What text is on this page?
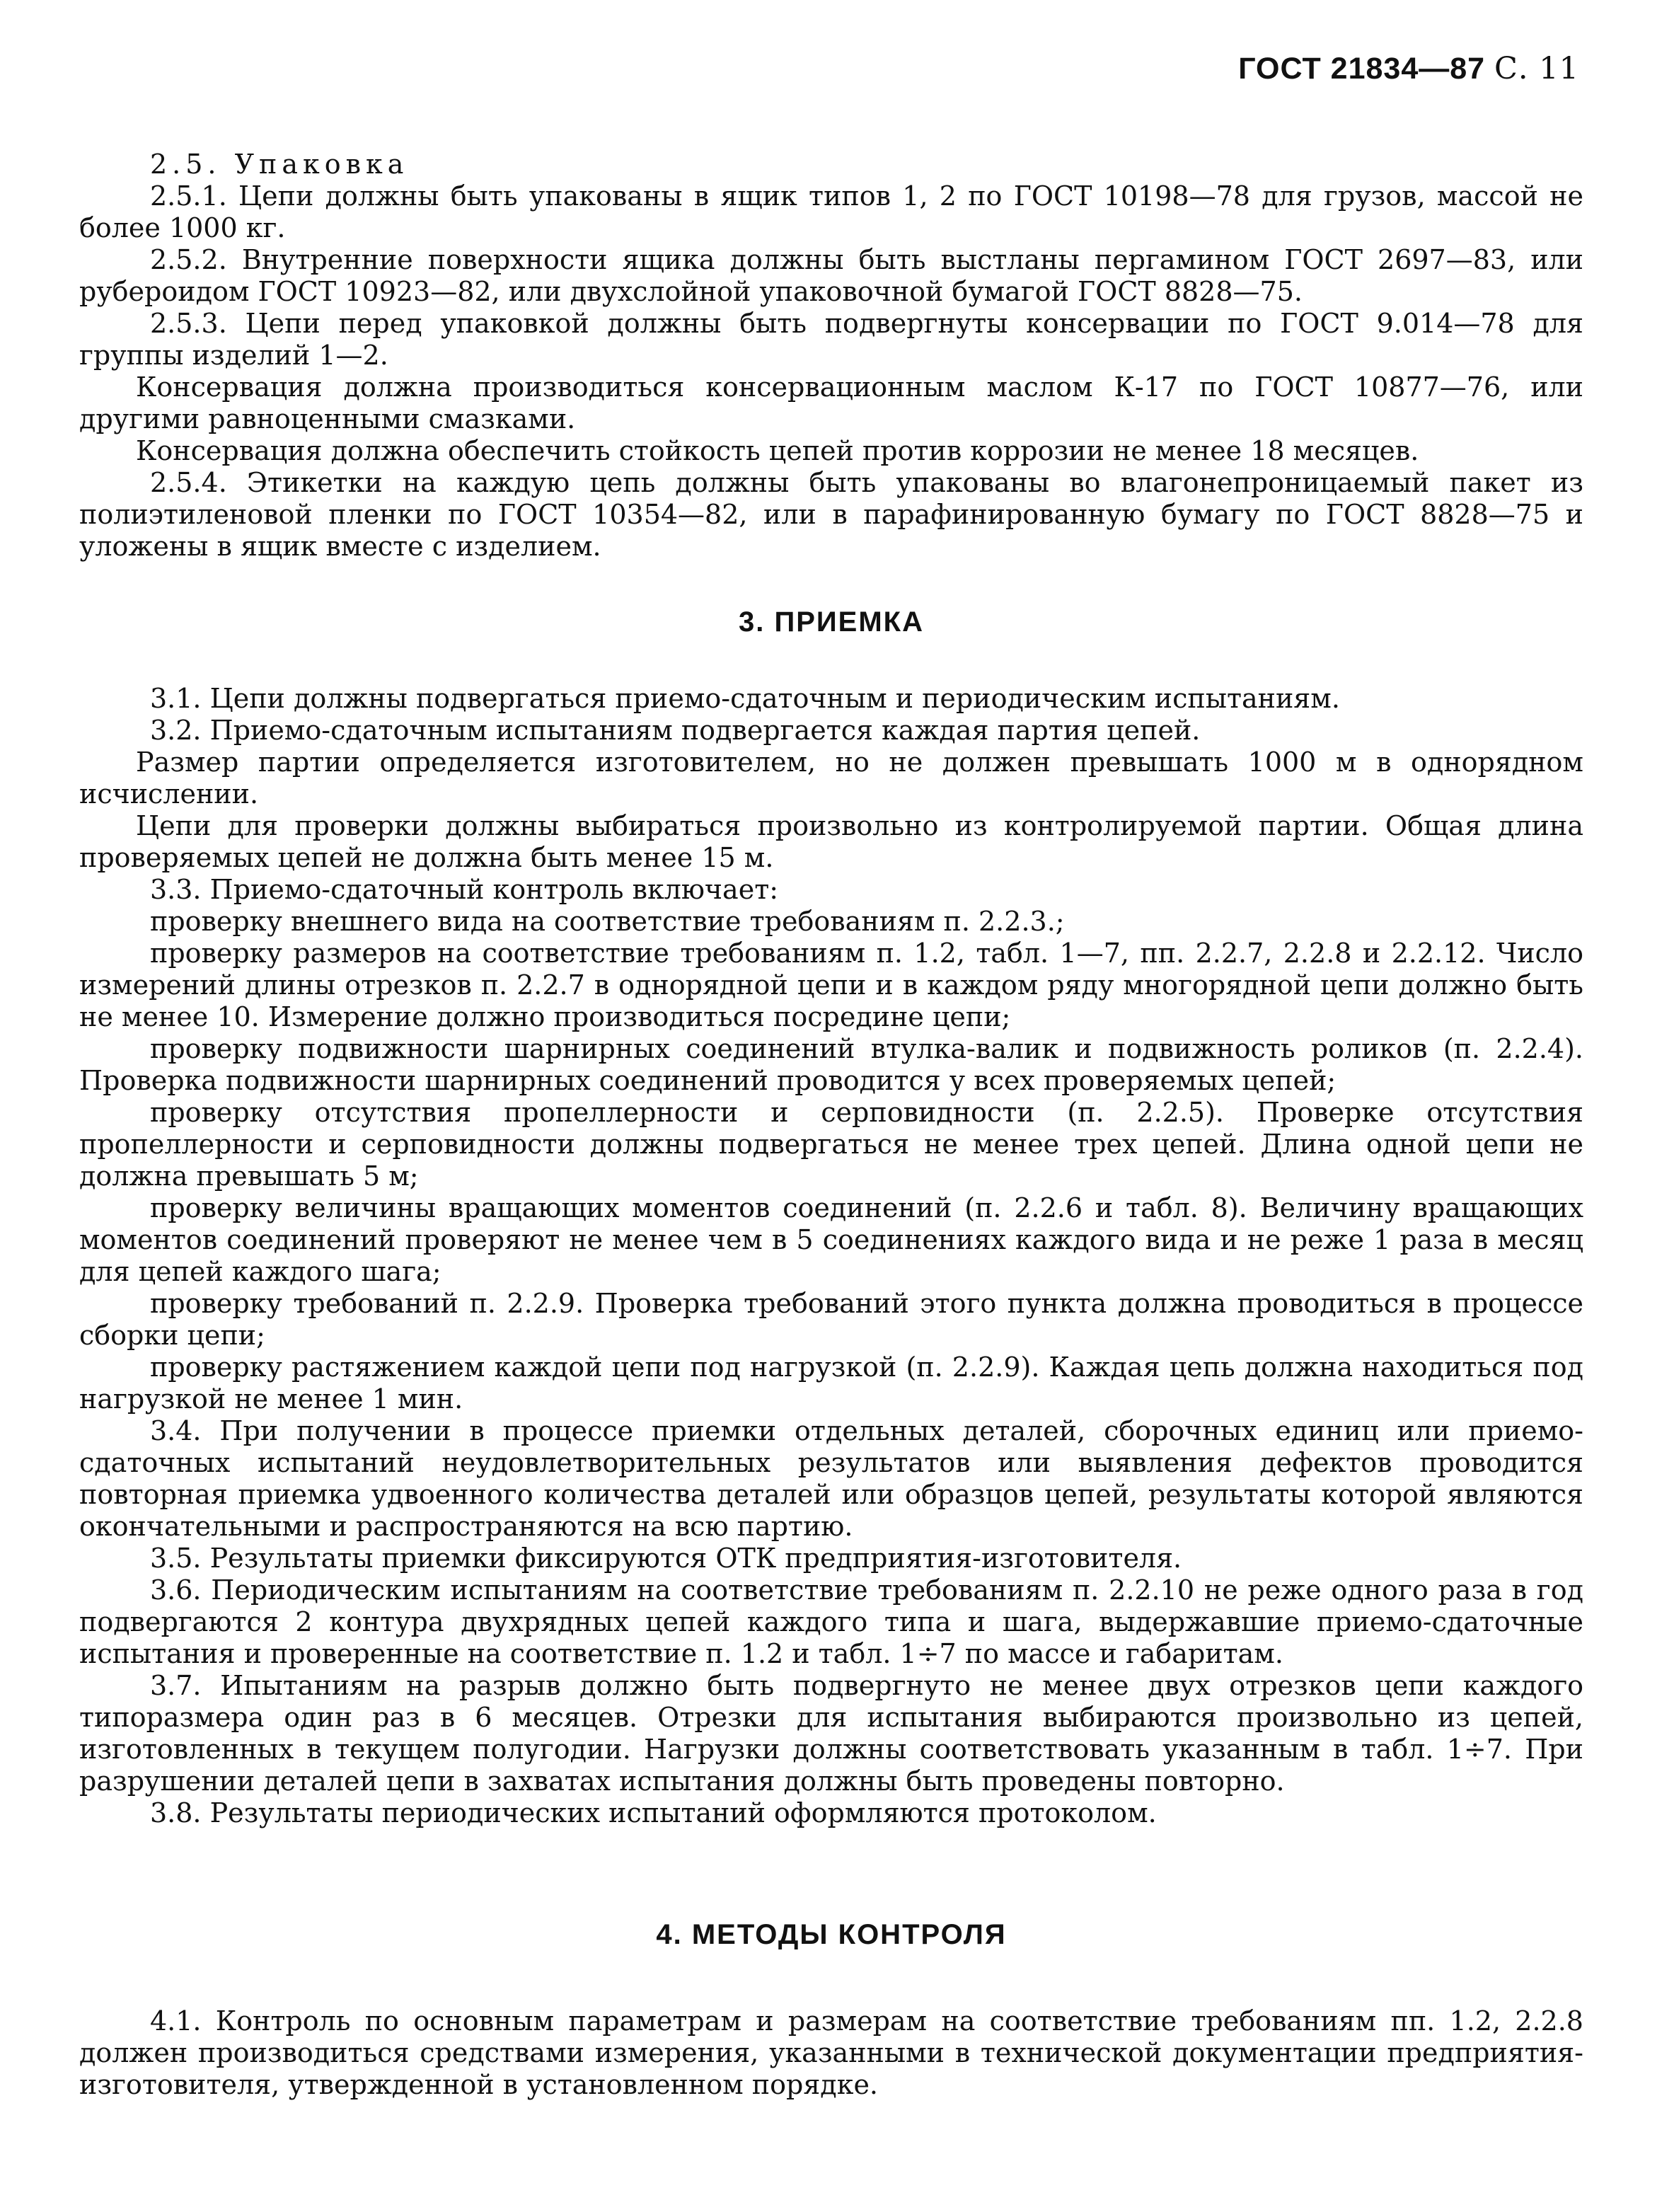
ГОСТ 21834—87 С. 11

2.5. Упаковка

2.5.1. Цепи должны быть упакованы в ящик типов 1, 2 по ГОСТ 10198—78 для грузов, массой не более 1000 кг.

2.5.2. Внутренние поверхности ящика должны быть выстланы пергамином ГОСТ 2697—83, или рубероидом ГОСТ 10923—82, или двухслойной упаковочной бумагой ГОСТ 8828—75.

2.5.3. Цепи перед упаковкой должны быть подвергнуты консервации по ГОСТ 9.014—78 для группы изделий 1—2.

Консервация должна производиться консервационным маслом К-17 по ГОСТ 10877—76, или другими равноценными смазками.

Консервация должна обеспечить стойкость цепей против коррозии не менее 18 месяцев.

2.5.4. Этикетки на каждую цепь должны быть упакованы во влагонепроницаемый пакет из полиэтиленовой пленки по ГОСТ 10354—82, или в парафинированную бумагу по ГОСТ 8828—75 и уложены в ящик вместе с изделием.

3. ПРИЕМКА

3.1. Цепи должны подвергаться приемо-сдаточным и периодическим испытаниям.

3.2. Приемо-сдаточным испытаниям подвергается каждая партия цепей.

Размер партии определяется изготовителем, но не должен превышать 1000 м в однорядном исчислении.

Цепи для проверки должны выбираться произвольно из контролируемой партии. Общая длина проверяемых цепей не должна быть менее 15 м.

3.3. Приемо-сдаточный контроль включает:

проверку внешнего вида на соответствие требованиям п. 2.2.3.;

проверку размеров на соответствие требованиям п. 1.2, табл. 1—7, пп. 2.2.7, 2.2.8 и 2.2.12. Число измерений длины отрезков п. 2.2.7 в однорядной цепи и в каждом ряду многорядной цепи должно быть не менее 10. Измерение должно производиться посредине цепи;

проверку подвижности шарнирных соединений втулка-валик и подвижность роликов (п. 2.2.4). Проверка подвижности шарнирных соединений проводится у всех проверяемых цепей;

проверку отсутствия пропеллерности и серповидности (п. 2.2.5). Проверке отсутствия пропеллерности и серповидности должны подвергаться не менее трех цепей. Длина одной цепи не должна превышать 5 м;

проверку величины вращающих моментов соединений (п. 2.2.6 и табл. 8). Величину вращающих моментов соединений проверяют не менее чем в 5 соединениях каждого вида и не реже 1 раза в месяц для цепей каждого шага;

проверку требований п. 2.2.9. Проверка требований этого пункта должна проводиться в процессе сборки цепи;

проверку растяжением каждой цепи под нагрузкой (п. 2.2.9). Каждая цепь должна находиться под нагрузкой не менее 1 мин.

3.4. При получении в процессе приемки отдельных деталей, сборочных единиц или приемо-сдаточных испытаний неудовлетворительных результатов или выявления дефектов проводится повторная приемка удвоенного количества деталей или образцов цепей, результаты которой являются окончательными и распространяются на всю партию.

3.5. Результаты приемки фиксируются ОТК предприятия-изготовителя.

3.6. Периодическим испытаниям на соответствие требованиям п. 2.2.10 не реже одного раза в год подвергаются 2 контура двухрядных цепей каждого типа и шага, выдержавшие приемо-сдаточные испытания и проверенные на соответствие п. 1.2 и табл. 1÷7 по массе и габаритам.

3.7. Ипытаниям на разрыв должно быть подвергнуто не менее двух отрезков цепи каждого типоразмера один раз в 6 месяцев. Отрезки для испытания выбираются произвольно из цепей, изготовленных в текущем полугодии. Нагрузки должны соответствовать указанным в табл. 1÷7. При разрушении деталей цепи в захватах испытания должны быть проведены повторно.

3.8. Результаты периодических испытаний оформляются протоколом.

4. МЕТОДЫ КОНТРОЛЯ

4.1. Контроль по основным параметрам и размерам на соответствие требованиям пп. 1.2, 2.2.8 должен производиться средствами измерения, указанными в технической документации предприятия-изготовителя, утвержденной в установленном порядке.
